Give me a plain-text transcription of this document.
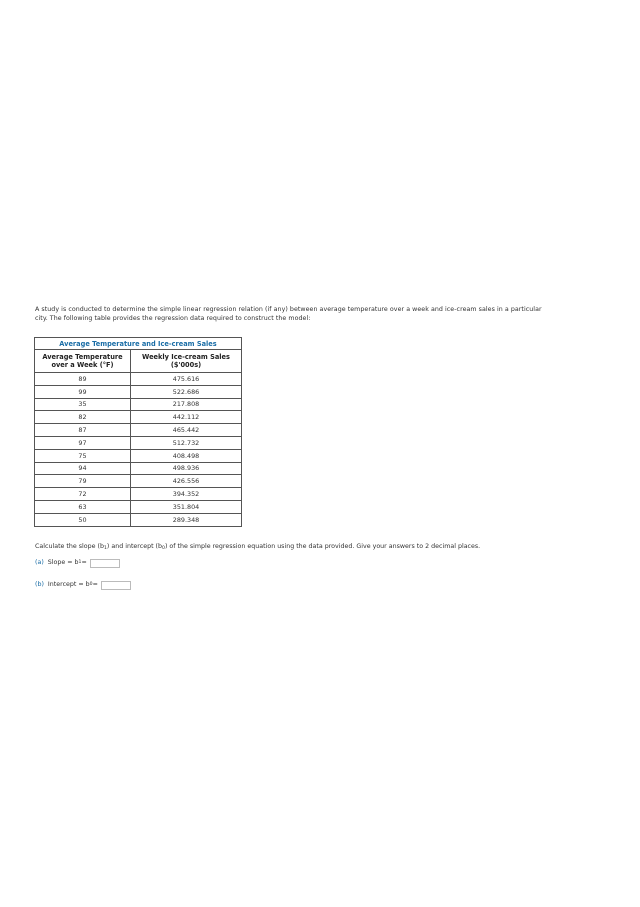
A study is conducted to determine the simple linear regression relation (if any) between average temperature over a week and ice-cream sales in a particular

city. The following table provides the regression data required to construct the model:

Average Temperature and Ice-cream Sales	
Average Temperature
over a Week (°F)	Weekly Ice-cream Sales
($'000s)
89	475.616
99	522.686
35	217.808
82	442.112
87	465.442
97	512.732
75	408.498
94	498.936
79	426.556
72	394.352
63	351.804
50	289.348
Calculate the slope $(b_1)$ and intercept $(b_0)$ of the simple regression equation using the data provided. Give your answers to 2 decimal places.
(a) Slope = b 1 =
(b) Intercept = b 0 =
